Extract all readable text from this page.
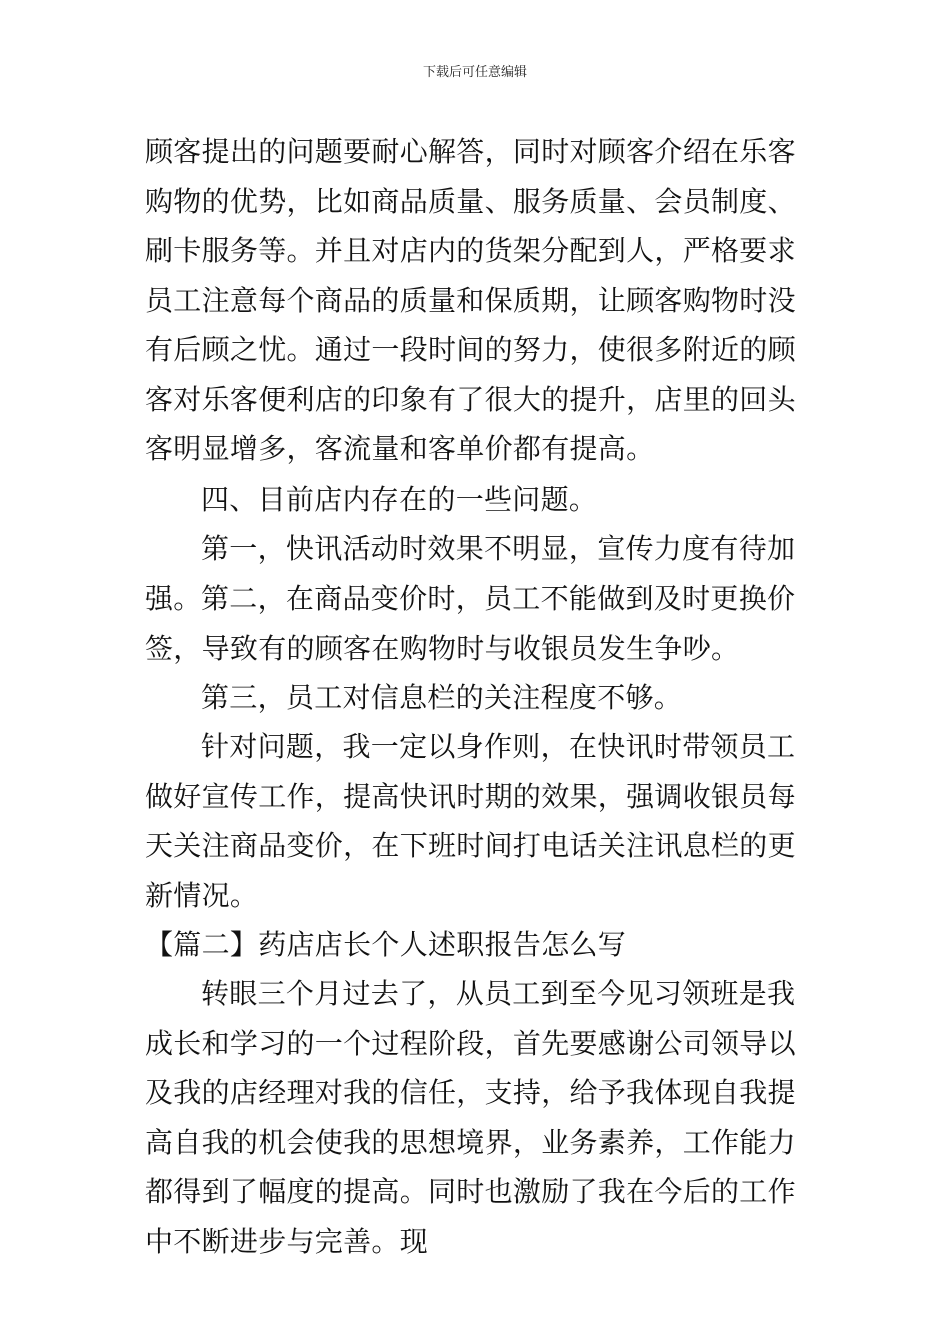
下载后可任意编辑

顾客提出的问题要耐心解答，同时对顾客介绍在乐客购物的优势，比如商品质量、服务质量、会员制度、刷卡服务等。并且对店内的货架分配到人，严格要求员工注意每个商品的质量和保质期，让顾客购物时没有后顾之忧。通过一段时间的努力，使很多附近的顾客对乐客便利店的印象有了很大的提升，店里的回头客明显增多，客流量和客单价都有提高。

四、目前店内存在的一些问题。

第一，快讯活动时效果不明显，宣传力度有待加强。 第二，在商品变价时，员工不能做到及时更换价签，导致有的顾客在购物时与收银员发生争吵。

第三，员工对信息栏的关注程度不够。

针对问题，我一定以身作则，在快讯时带领员工做好宣传工作，提高快讯时期的效果，强调收银员每天关注商品变价，在下班时间打电话关注讯息栏的更新情况。

【篇二】药店店长个人述职报告怎么写

转眼三个月过去了，从员工到至今见习领班是我成长和学习的一个过程阶段，首先要感谢公司领导以及我的店经理对我的信任，支持，给予我体现自我提高自我的机会使我的思想境界，业务素养，工作能力都得到了幅度的提高。同时也激励了我在今后的工作中不断进步与完善。现
